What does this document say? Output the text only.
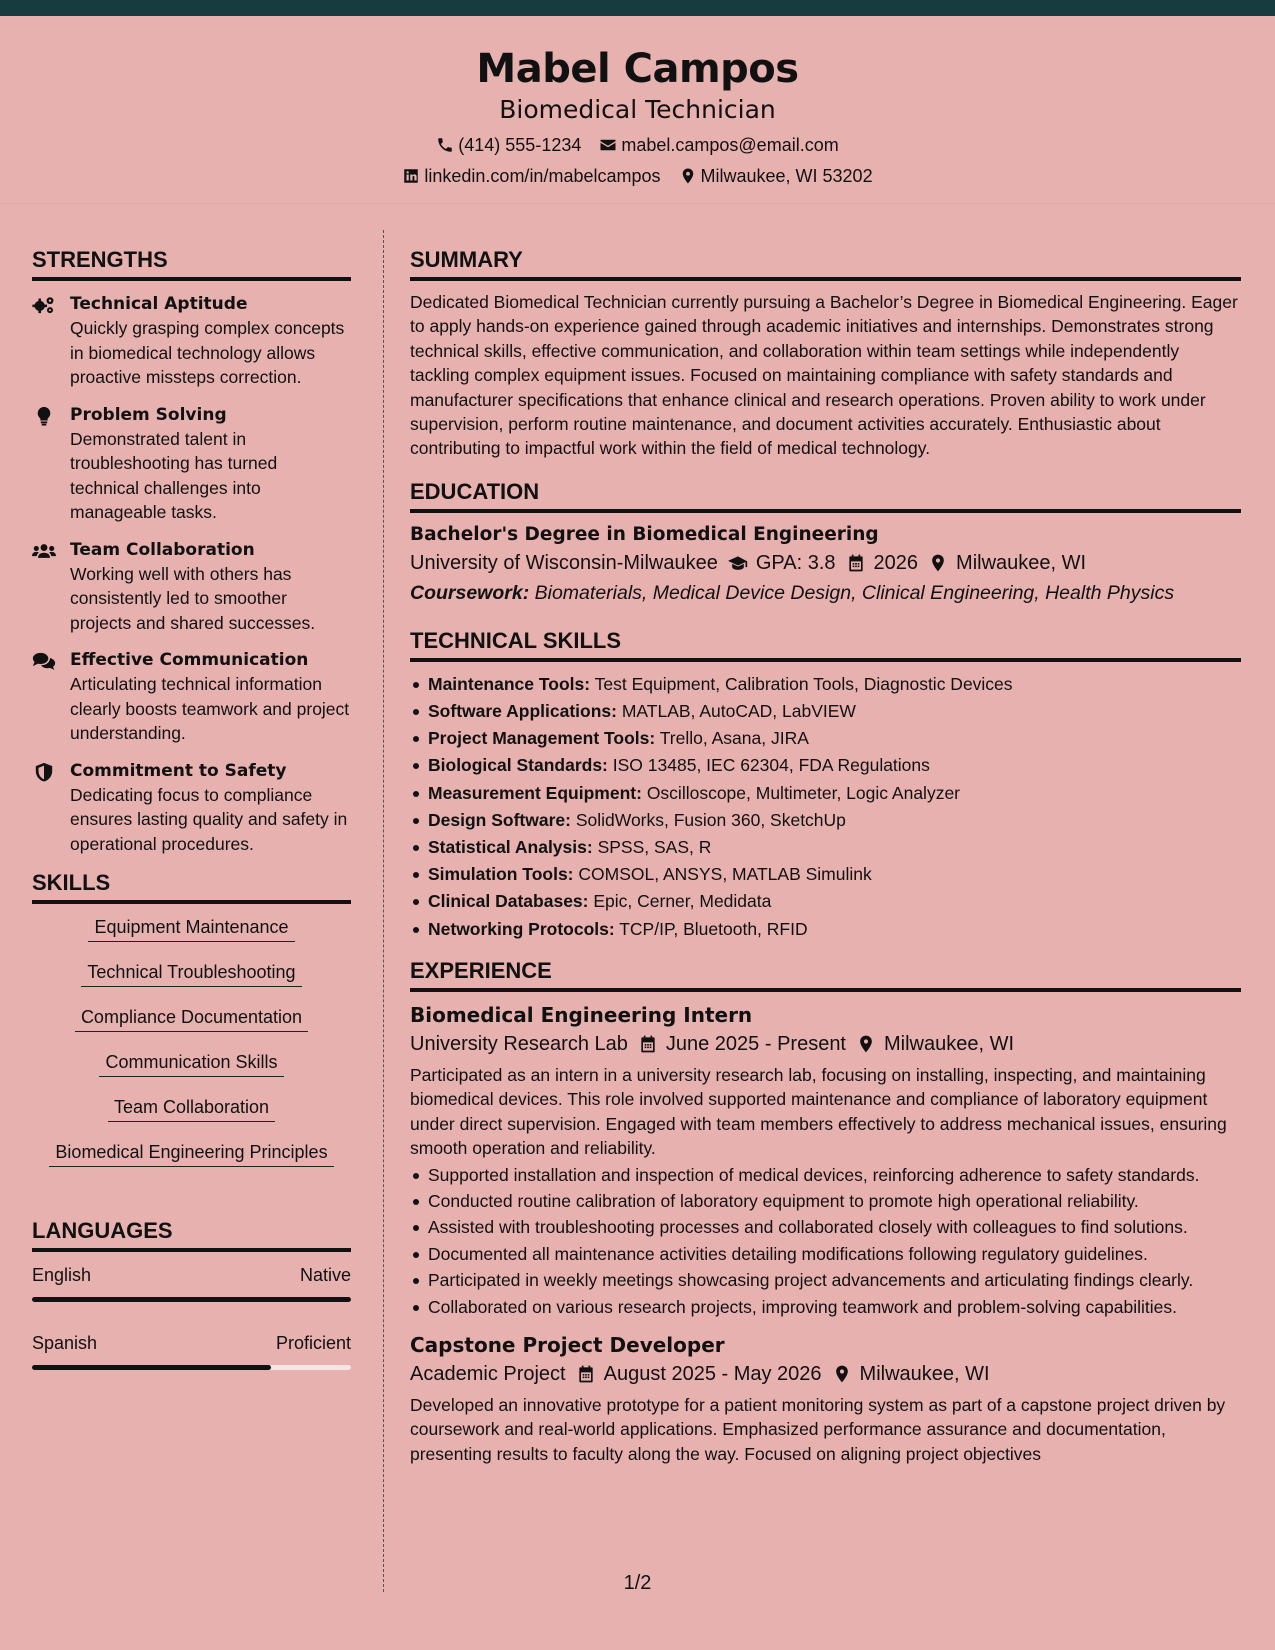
Mabel Campos
Biomedical Technician
(414) 555-1234 mabel.campos@email.com
linkedin.com/in/mabelcampos Milwaukee, WI 53202
STRENGTHS
Technical Aptitude
Quickly grasping complex concepts in biomedical technology allows proactive missteps correction.
Problem Solving
Demonstrated talent in troubleshooting has turned technical challenges into manageable tasks.
Team Collaboration
Working well with others has consistently led to smoother projects and shared successes.
Effective Communication
Articulating technical information clearly boosts teamwork and project understanding.
Commitment to Safety
Dedicating focus to compliance ensures lasting quality and safety in operational procedures.
SKILLS
Equipment Maintenance
Technical Troubleshooting
Compliance Documentation
Communication Skills
Team Collaboration
Biomedical Engineering Principles
LANGUAGES
English	Native
Spanish	Proficient
SUMMARY
Dedicated Biomedical Technician currently pursuing a Bachelor’s Degree in Biomedical Engineering. Eager to apply hands-on experience gained through academic initiatives and internships. Demonstrates strong technical skills, effective communication, and collaboration within team settings while independently tackling complex equipment issues. Focused on maintaining compliance with safety standards and manufacturer specifications that enhance clinical and research operations. Proven ability to work under supervision, perform routine maintenance, and document activities accurately. Enthusiastic about contributing to impactful work within the field of medical technology.
EDUCATION
Bachelor's Degree in Biomedical Engineering
University of Wisconsin-Milwaukee GPA: 3.8 2026 Milwaukee, WI
Coursework: Biomaterials, Medical Device Design, Clinical Engineering, Health Physics
TECHNICAL SKILLS
Maintenance Tools: Test Equipment, Calibration Tools, Diagnostic Devices
Software Applications: MATLAB, AutoCAD, LabVIEW
Project Management Tools: Trello, Asana, JIRA
Biological Standards: ISO 13485, IEC 62304, FDA Regulations
Measurement Equipment: Oscilloscope, Multimeter, Logic Analyzer
Design Software: SolidWorks, Fusion 360, SketchUp
Statistical Analysis: SPSS, SAS, R
Simulation Tools: COMSOL, ANSYS, MATLAB Simulink
Clinical Databases: Epic, Cerner, Medidata
Networking Protocols: TCP/IP, Bluetooth, RFID
EXPERIENCE
Biomedical Engineering Intern
University Research Lab June 2025 - Present Milwaukee, WI
Participated as an intern in a university research lab, focusing on installing, inspecting, and maintaining biomedical devices. This role involved supported maintenance and compliance of laboratory equipment under direct supervision. Engaged with team members effectively to address mechanical issues, ensuring smooth operation and reliability.
Supported installation and inspection of medical devices, reinforcing adherence to safety standards.
Conducted routine calibration of laboratory equipment to promote high operational reliability.
Assisted with troubleshooting processes and collaborated closely with colleagues to find solutions.
Documented all maintenance activities detailing modifications following regulatory guidelines.
Participated in weekly meetings showcasing project advancements and articulating findings clearly.
Collaborated on various research projects, improving teamwork and problem-solving capabilities.
Capstone Project Developer
Academic Project August 2025 - May 2026 Milwaukee, WI
Developed an innovative prototype for a patient monitoring system as part of a capstone project driven by coursework and real-world applications. Emphasized performance assurance and documentation, presenting results to faculty along the way. Focused on aligning project objectives
1/2
